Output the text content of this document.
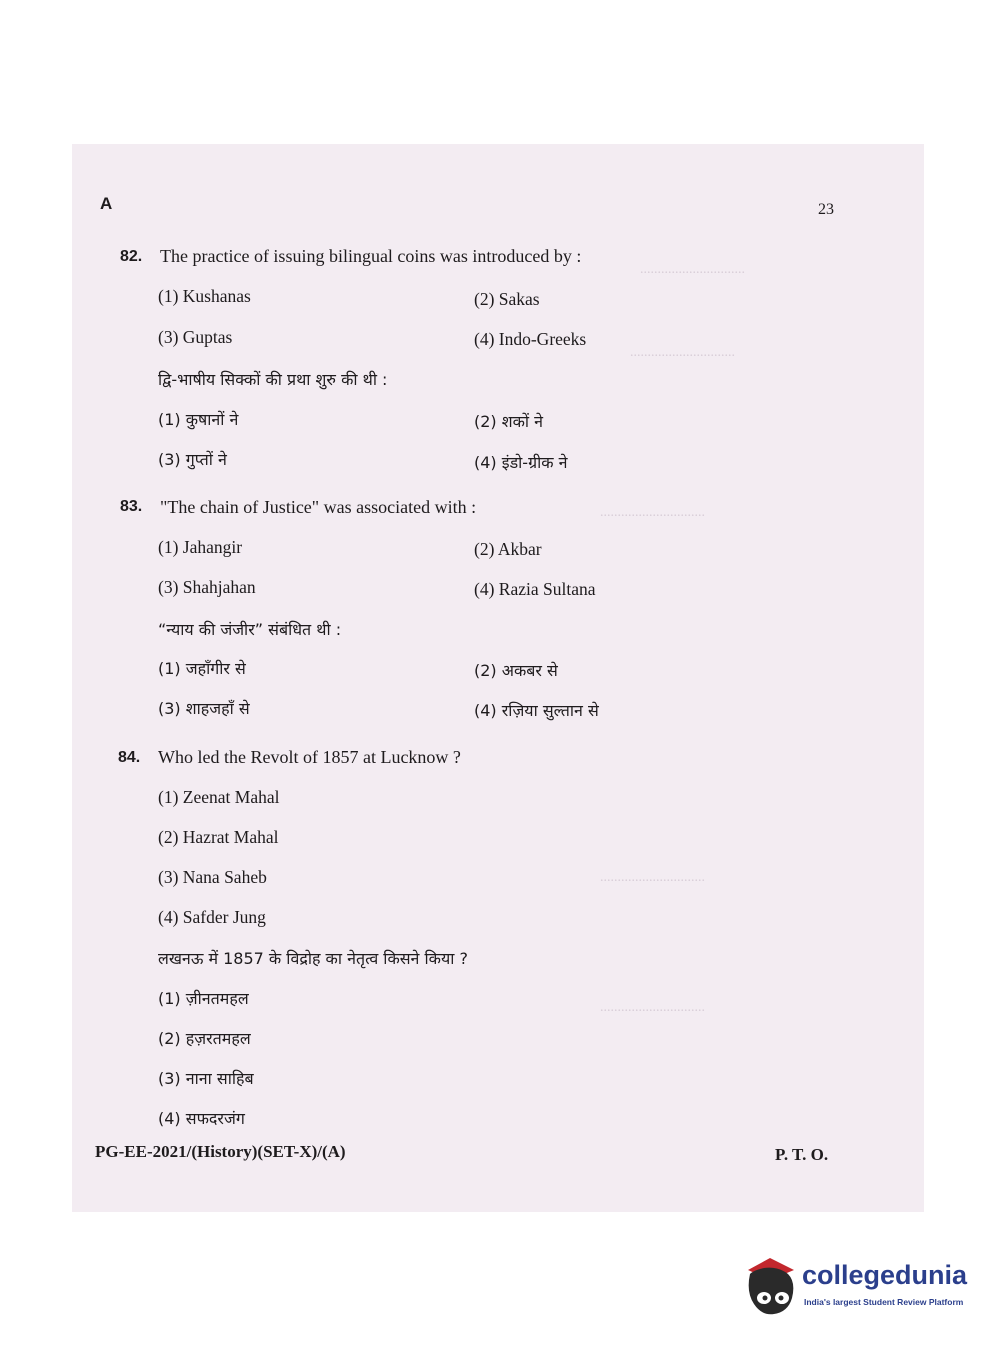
..............................
..............................
..............................
..............................
..............................
A	23
82. The practice of issuing bilingual coins was introduced by :
(1) Kushanas	(2) Sakas
(3) Guptas	(4) Indo-Greeks
द्वि-भाषीय सिक्कों की प्रथा शुरु की थी :
(1) कुषानों ने	(2) शकों ने
(3) गुप्तों ने	(4) इंडो-ग्रीक ने
83. "The chain of Justice" was associated with :
(1) Jahangir	(2) Akbar
(3) Shahjahan	(4) Razia Sultana
“न्याय की जंजीर” संबंधित थी :
(1) जहाँगीर से	(2) अकबर से
(3) शाहजहाँ से	(4) रज़िया सुल्तान से
84. Who led the Revolt of 1857 at Lucknow ?
(1) Zeenat Mahal
(2) Hazrat Mahal
(3) Nana Saheb
(4) Safder Jung
लखनऊ में 1857 के विद्रोह का नेतृत्व किसने किया ?
(1) ज़ीनतमहल
(2) हज़रतमहल
(3) नाना साहिब
(4) सफदरजंग
PG-EE-2021/(History)(SET-X)/(A)	P. T. O.
collegedunia
India's largest Student Review Platform
